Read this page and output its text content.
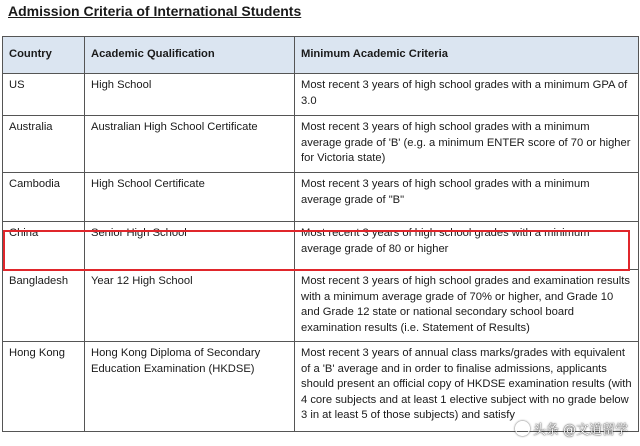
Admission Criteria of International Students
Country	Academic Qualification	Minimum Academic Criteria
US	High School	Most recent 3 years of high school grades with a minimum GPA of 3.0
Australia	Australian High School Certificate	Most recent 3 years of high school grades with a minimum average grade of 'B' (e.g. a minimum ENTER score of 70 or higher for Victoria state)
Cambodia	High School Certificate	Most recent 3 years of high school grades with a minimum average grade of "B"
China	Senior High School	Most recent 3 years of high school grades with a minimum average grade of 80 or higher
Bangladesh	Year 12 High School	Most recent 3 years of high school grades and examination results with a minimum average grade of 70% or higher, and Grade 10 and Grade 12 state or national secondary school board examination results (i.e. Statement of Results)
Hong Kong	Hong Kong Diploma of Secondary Education Examination (HKDSE)	Most recent 3 years of annual class marks/grades with equivalent of a 'B' average and in order to finalise admissions, applicants should present an official copy of HKDSE examination results (with 4 core subjects and at least 1 elective subject with no grade below 3 in at least 5 of those subjects) and satisfy
头条 @文道留学
